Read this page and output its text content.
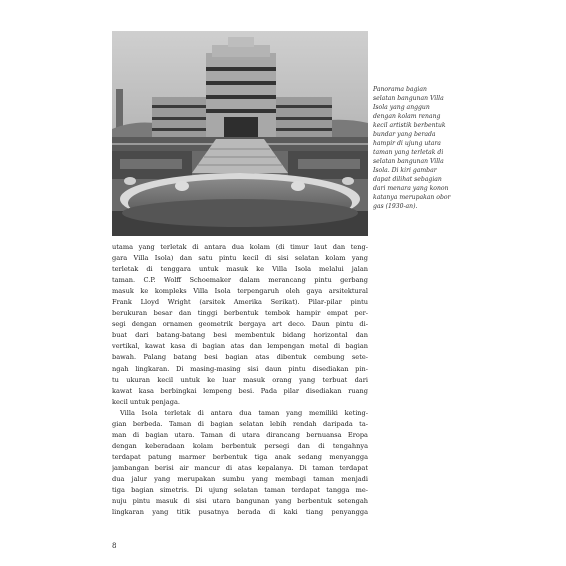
Panorama bagian
selatan bangunan Villa
Isola yang anggun
dengan kolam renang
kecil artistik berbentuk
bundar yang berada
hampir di ujung utara
taman yang terletak di
selatan bangunan Villa
Isola. Di kiri gambar
dapat dilihat sebagian
dari menara yang konon
katanya merupakan obor
gas (1930-an).
utama yang terletak di antara dua kolam (di timur laut dan teng-
gara Villa Isola) dan satu pintu kecil di sisi selatan kolam yang
terletak di tenggara untuk masuk ke Villa Isola melalui jalan
taman. C.P. Wolff Schoemaker dalam merancang pintu gerbang
masuk ke kompleks Villa Isola terpengaruh oleh gaya arsitektural
Frank Lloyd Wright (arsitek Amerika Serikat). Pilar-pilar pintu
berukuran besar dan tinggi berbentuk tembok hampir empat per-
segi dengan ornamen geometrik bergaya art deco. Daun pintu di-
buat dari batang-batang besi membentuk bidang horizontal dan
vertikal, kawat kasa di bagian atas dan lempengan metal di bagian
bawah. Palang batang besi bagian atas dibentuk cembung sete-
ngah lingkaran. Di masing-masing sisi daun pintu disediakan pin-
tu ukuran kecil untuk ke luar masuk orang yang terbuat dari
kawat kasa berbingkai lempeng besi. Pada pilar disediakan ruang
kecil untuk penjaga.
Villa Isola terletak di antara dua taman yang memiliki keting-
gian berbeda. Taman di bagian selatan lebih rendah daripada ta-
man di bagian utara. Taman di utara dirancang bernuansa Eropa
dengan keberadaan kolam berbentuk persegi dan di tengahnya
terdapat patung marmer berbentuk tiga anak sedang menyangga
jambangan berisi air mancur di atas kepalanya. Di taman terdapat
dua jalur yang merupakan sumbu yang membagi taman menjadi
tiga bagian simetris. Di ujung selatan taman terdapat tangga me-
nuju pintu masuk di sisi utara bangunan yang berbentuk setengah
lingkaran yang titik pusatnya berada di kaki tiang penyangga
8
